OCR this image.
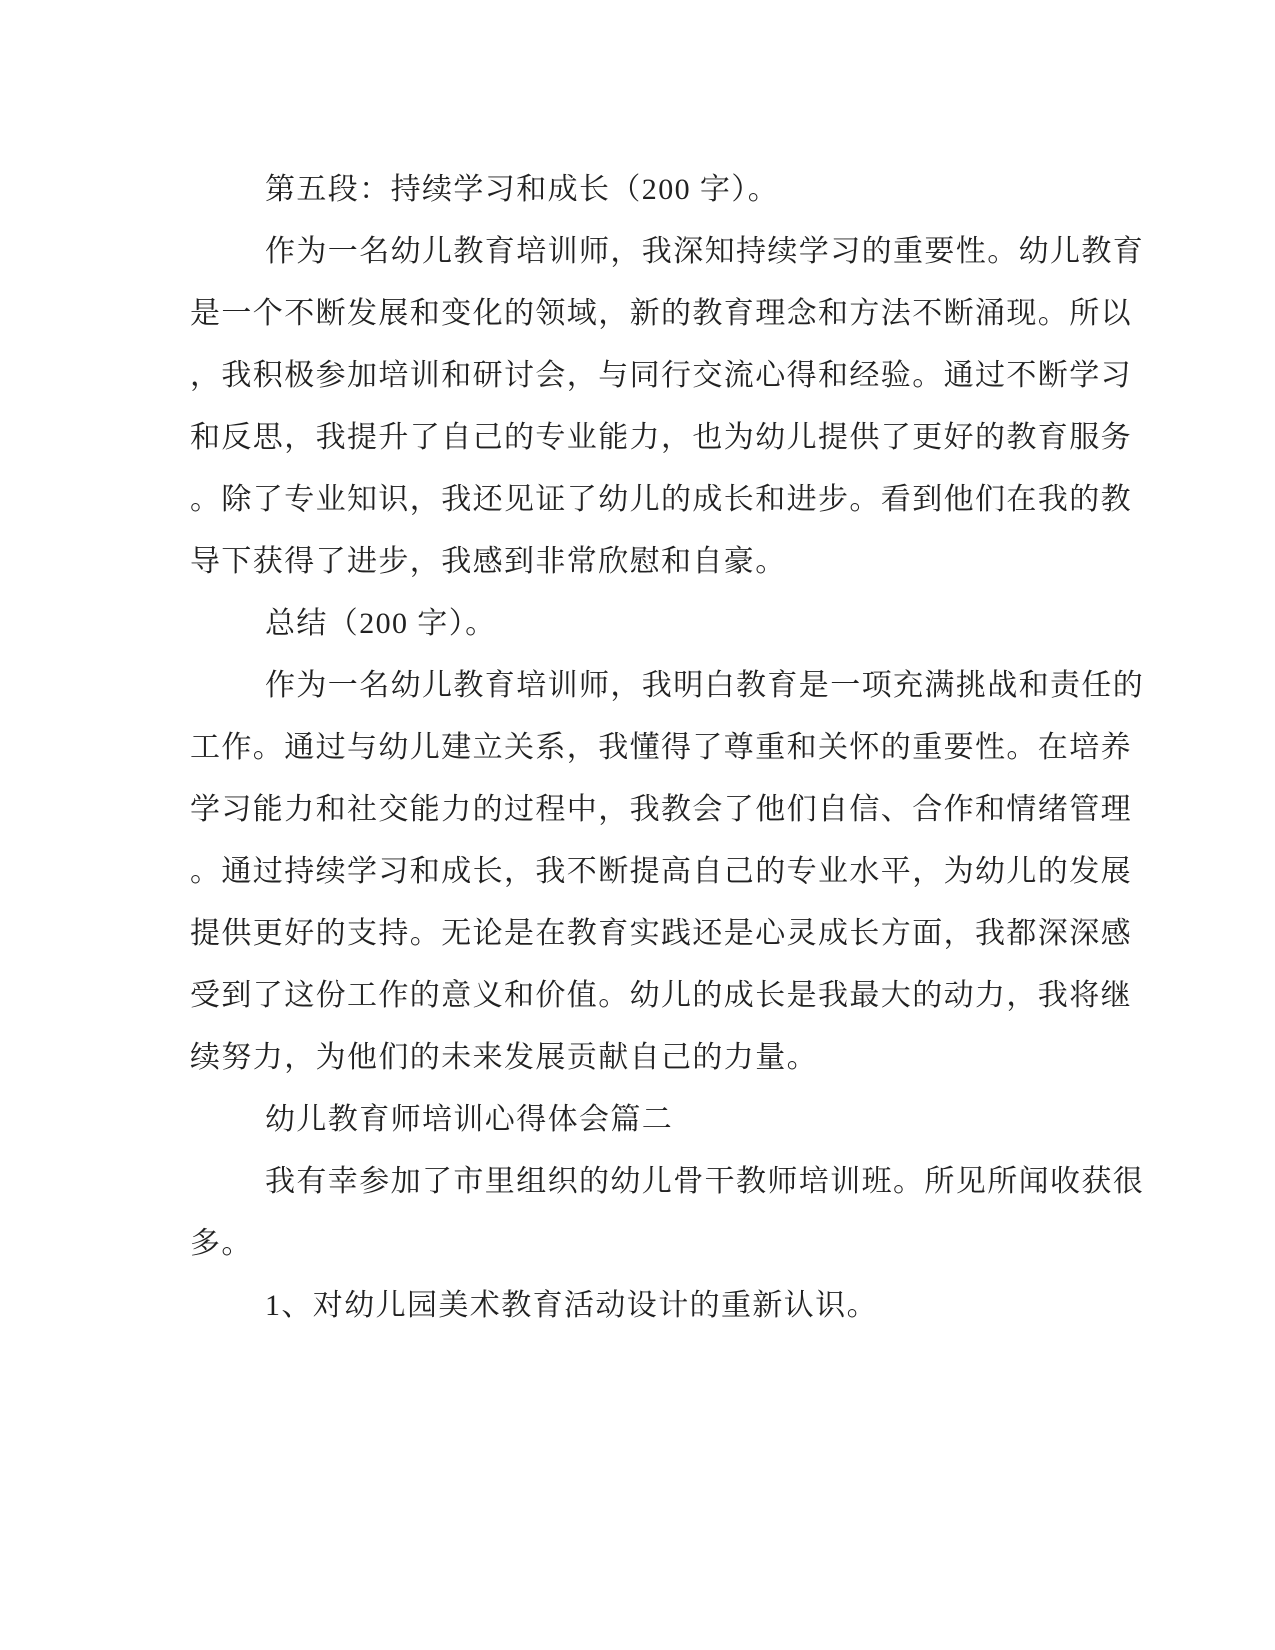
第五段：持续学习和成长（200 字）。
作为一名幼儿教育培训师，我深知持续学习的重要性。幼儿教育
是一个不断发展和变化的领域，新的教育理念和方法不断涌现。所以
，我积极参加培训和研讨会，与同行交流心得和经验。通过不断学习
和反思，我提升了自己的专业能力，也为幼儿提供了更好的教育服务
。除了专业知识，我还见证了幼儿的成长和进步。看到他们在我的教
导下获得了进步，我感到非常欣慰和自豪。
总结（200 字）。
作为一名幼儿教育培训师，我明白教育是一项充满挑战和责任的
工作。通过与幼儿建立关系，我懂得了尊重和关怀的重要性。在培养
学习能力和社交能力的过程中，我教会了他们自信、合作和情绪管理
。通过持续学习和成长，我不断提高自己的专业水平，为幼儿的发展
提供更好的支持。无论是在教育实践还是心灵成长方面，我都深深感
受到了这份工作的意义和价值。幼儿的成长是我最大的动力，我将继
续努力，为他们的未来发展贡献自己的力量。
幼儿教育师培训心得体会篇二
我有幸参加了市里组织的幼儿骨干教师培训班。所见所闻收获很
多。
1、对幼儿园美术教育活动设计的重新认识。
